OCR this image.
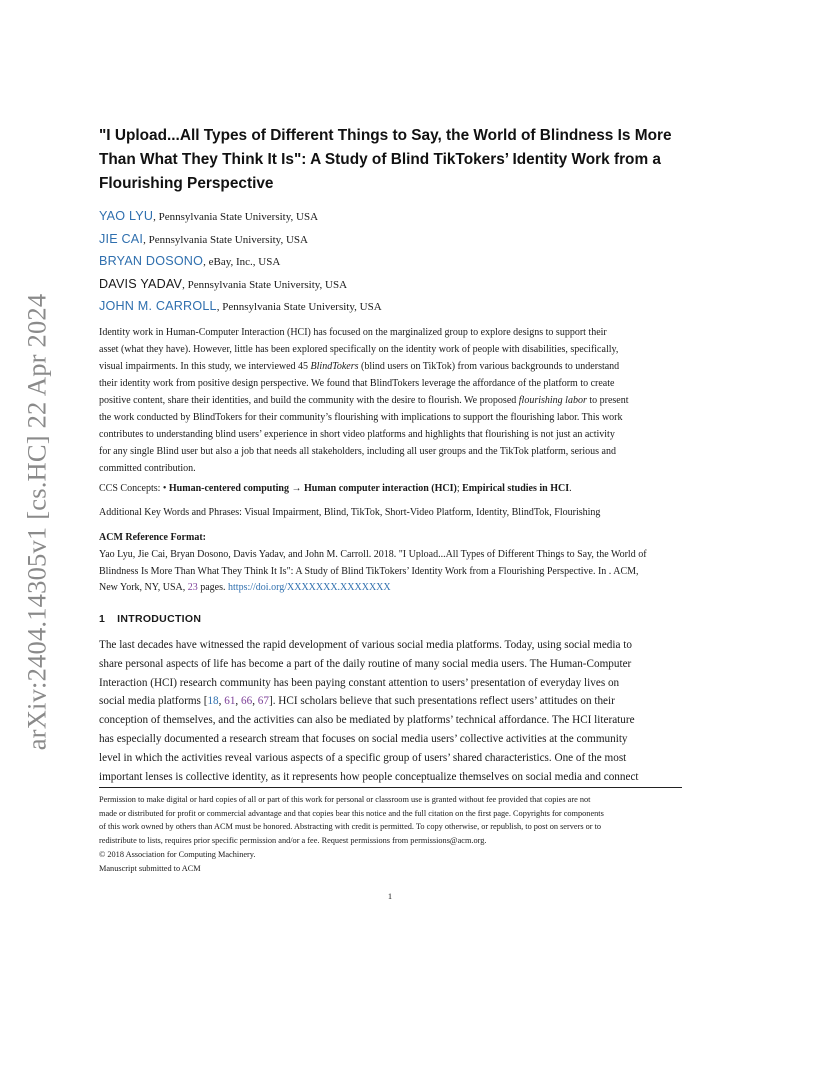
arXiv:2404.14305v1 [cs.HC] 22 Apr 2024
"I Upload...All Types of Different Things to Say, the World of Blindness Is More
Than What They Think It Is": A Study of Blind TikTokers’ Identity Work from a
Flourishing Perspective
YAO LYU, Pennsylvania State University, USA
JIE CAI, Pennsylvania State University, USA
BRYAN DOSONO, eBay, Inc., USA
DAVIS YADAV, Pennsylvania State University, USA
JOHN M. CARROLL, Pennsylvania State University, USA
Identity work in Human-Computer Interaction (HCI) has focused on the marginalized group to explore designs to support their
asset (what they have). However, little has been explored specifically on the identity work of people with disabilities, specifically,
visual impairments. In this study, we interviewed 45 BlindTokers (blind users on TikTok) from various backgrounds to understand
their identity work from positive design perspective. We found that BlindTokers leverage the affordance of the platform to create
positive content, share their identities, and build the community with the desire to flourish. We proposed flourishing labor to present
the work conducted by BlindTokers for their community’s flourishing with implications to support the flourishing labor. This work
contributes to understanding blind users’ experience in short video platforms and highlights that flourishing is not just an activity
for any single Blind user but also a job that needs all stakeholders, including all user groups and the TikTok platform, serious and
committed contribution.
CCS Concepts: • Human-centered computing → Human computer interaction (HCI); Empirical studies in HCI.
Additional Key Words and Phrases: Visual Impairment, Blind, TikTok, Short-Video Platform, Identity, BlindTok, Flourishing
ACM Reference Format:
Yao Lyu, Jie Cai, Bryan Dosono, Davis Yadav, and John M. Carroll. 2018. "I Upload...All Types of Different Things to Say, the World of
Blindness Is More Than What They Think It Is": A Study of Blind TikTokers’ Identity Work from a Flourishing Perspective. In . ACM,
New York, NY, USA, 23 pages. https://doi.org/XXXXXXX.XXXXXXX
1 INTRODUCTION
The last decades have witnessed the rapid development of various social media platforms. Today, using social media to
share personal aspects of life has become a part of the daily routine of many social media users. The Human-Computer
Interaction (HCI) research community has been paying constant attention to users’ presentation of everyday lives on
social media platforms [18, 61, 66, 67]. HCI scholars believe that such presentations reflect users’ attitudes on their
conception of themselves, and the activities can also be mediated by platforms’ technical affordance. The HCI literature
has especially documented a research stream that focuses on social media users’ collective activities at the community
level in which the activities reveal various aspects of a specific group of users’ shared characteristics. One of the most
important lenses is collective identity, as it represents how people conceptualize themselves on social media and connect
Permission to make digital or hard copies of all or part of this work for personal or classroom use is granted without fee provided that copies are not
made or distributed for profit or commercial advantage and that copies bear this notice and the full citation on the first page. Copyrights for components
of this work owned by others than ACM must be honored. Abstracting with credit is permitted. To copy otherwise, or republish, to post on servers or to
redistribute to lists, requires prior specific permission and/or a fee. Request permissions from permissions@acm.org.
© 2018 Association for Computing Machinery.
Manuscript submitted to ACM
1
